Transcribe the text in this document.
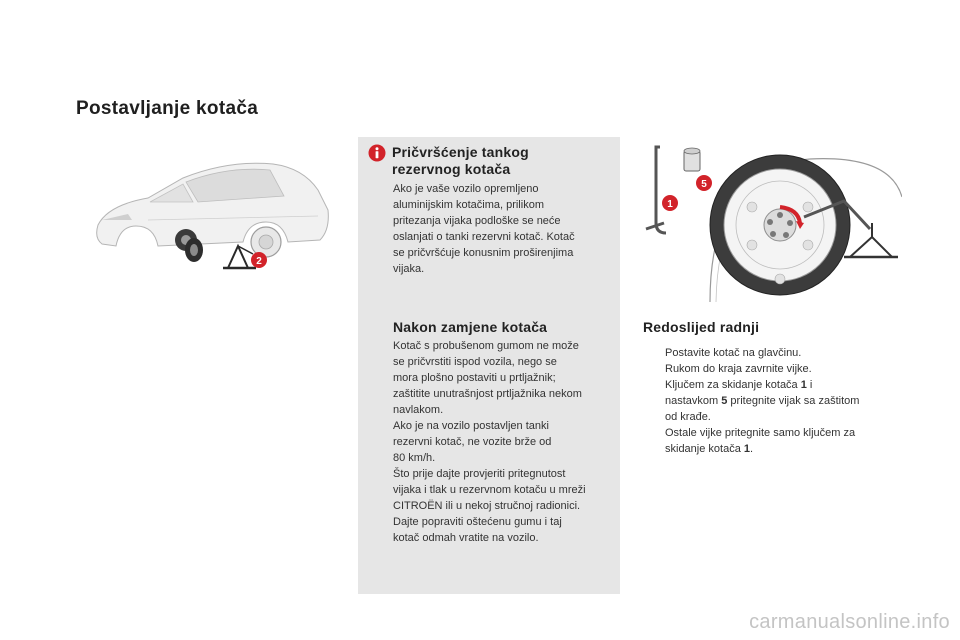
Postavljanje kotača
2
Pričvršćenje tankog
rezervnog kotača

Ako je vaše vozilo opremljeno

aluminijskim kotačima, prilikom

pritezanja vijaka podloške se neće

oslanjati o tanki rezervni kotač. Kotač

se pričvršćuje konusnim proširenjima

vijaka.

Nakon zamjene kotača

Kotač s probušenom gumom ne može

se pričvrstiti ispod vozila, nego se

mora plošno postaviti u prtljažnik;

zaštitite unutrašnjost prtljažnika nekom

navlakom.

Ako je na vozilo postavljen tanki

rezervni kotač, ne vozite brže od

80 km/h.

Što prije dajte provjeriti pritegnutost

vijaka i tlak u rezervnom kotaču u mreži

CITROËN ili u nekoj stručnoj radionici.

Dajte popraviti oštećenu gumu i taj

kotač odmah vratite na vozilo.

1
5
Redoslijed radnji
Postavite kotač na glavčinu.
Rukom do kraja zavrnite vijke.
Ključem za skidanje kotača 1 i
nastavkom 5 pritegnite vijak sa zaštitom
od krađe.
Ostale vijke pritegnite samo ključem za
skidanje kotača 1.
carmanualsonline.info
